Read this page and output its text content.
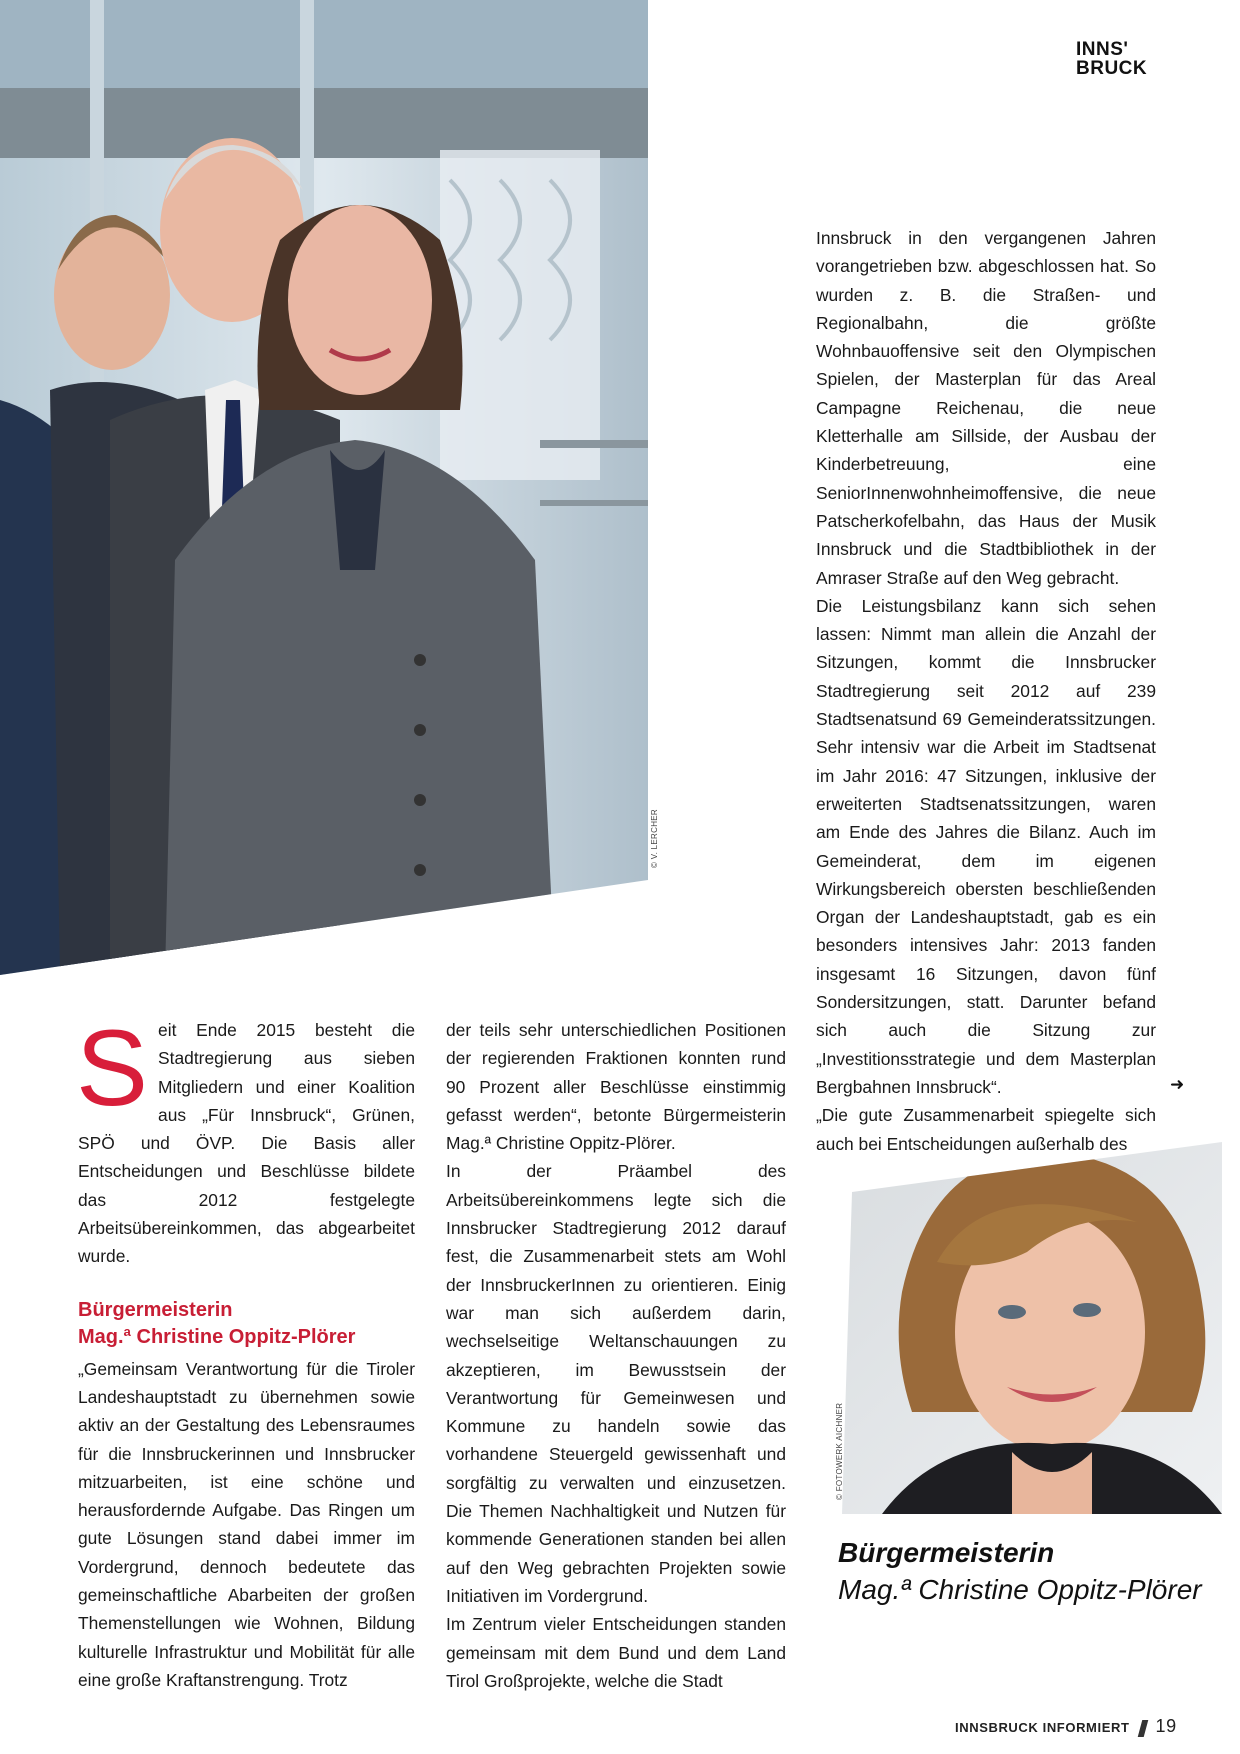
INNS'
BRUCK
© V. LERCHER

Seit Ende 2015 besteht die Stadtregierung aus sieben Mitgliedern und einer Koalition aus „Für Innsbruck“, Grünen, SPÖ und ÖVP. Die Basis aller Entscheidungen und Beschlüsse bildete das 2012 festgelegte Arbeitsübereinkommen, das abgearbeitet wurde.

Bürgermeisterin
Mag.ª Christine Oppitz-Plörer

„Gemeinsam Verantwortung für die Tiroler Landeshauptstadt zu übernehmen sowie aktiv an der Gestaltung des Lebensraumes für die Innsbruckerinnen und Innsbrucker mitzuarbeiten, ist eine schöne und herausfordernde Aufgabe. Das Ringen um gute Lösungen stand dabei immer im Vordergrund, dennoch bedeutete das gemeinschaftliche Abarbeiten der großen Themenstellungen wie Wohnen, Bildung kulturelle Infrastruktur und Mobilität für alle eine große Kraftanstrengung. Trotz

der teils sehr unterschiedlichen Positionen der regierenden Fraktionen konnten rund 90 Prozent aller Beschlüsse einstimmig gefasst werden“, betonte Bürgermeisterin Mag.ª Christine Oppitz-Plörer.

In der Präambel des Arbeitsübereinkommens legte sich die Innsbrucker Stadtregierung 2012 darauf fest, die Zusammenarbeit stets am Wohl der InnsbruckerInnen zu orientieren. Einig war man sich außerdem darin, wechselseitige Weltanschauungen zu akzeptieren, im Bewusstsein der Verantwortung für Gemeinwesen und Kommune zu handeln sowie das vorhandene Steuergeld gewissenhaft und sorgfältig zu verwalten und einzusetzen. Die Themen Nachhaltigkeit und Nutzen für kommende Generationen standen bei allen auf den Weg gebrachten Projekten sowie Initiativen im Vordergrund.

Im Zentrum vieler Entscheidungen standen gemeinsam mit dem Bund und dem Land Tirol Großprojekte, welche die Stadt

Innsbruck in den vergangenen Jahren vorangetrieben bzw. abgeschlossen hat. So wurden z. B. die Straßen- und Regionalbahn, die größte Wohnbauoffensive seit den Olympischen Spielen, der Masterplan für das Areal Campagne Reichenau, die neue Kletterhalle am Sillside, der Ausbau der Kinderbetreuung, eine SeniorInnenwohnheimoffensive, die neue Patscherkofelbahn, das Haus der Musik Innsbruck und die Stadtbibliothek in der Amraser Straße auf den Weg gebracht.

Die Leistungsbilanz kann sich sehen lassen: Nimmt man allein die Anzahl der Sitzungen, kommt die Innsbrucker Stadtregierung seit 2012 auf 239 Stadtsenatsund 69 Gemeinderatssitzungen. Sehr intensiv war die Arbeit im Stadtsenat im Jahr 2016: 47 Sitzungen, inklusive der erweiterten Stadtsenatssitzungen, waren am Ende des Jahres die Bilanz. Auch im Gemeinderat, dem im eigenen Wirkungsbereich obersten beschließenden Organ der Landeshauptstadt, gab es ein besonders intensives Jahr: 2013 fanden insgesamt 16 Sitzungen, davon fünf Sondersitzungen, statt. Darunter befand sich auch die Sitzung zur „Investitionsstrategie und dem Masterplan Bergbahnen Innsbruck“.

„Die gute Zusammenarbeit spiegelte sich auch bei Entscheidungen außerhalb des

➜
© FOTOWERK AICHNER
Bürgermeisterin
Mag.ª Christine Oppitz-Plörer
INNSBRUCK INFORMIERT 19
